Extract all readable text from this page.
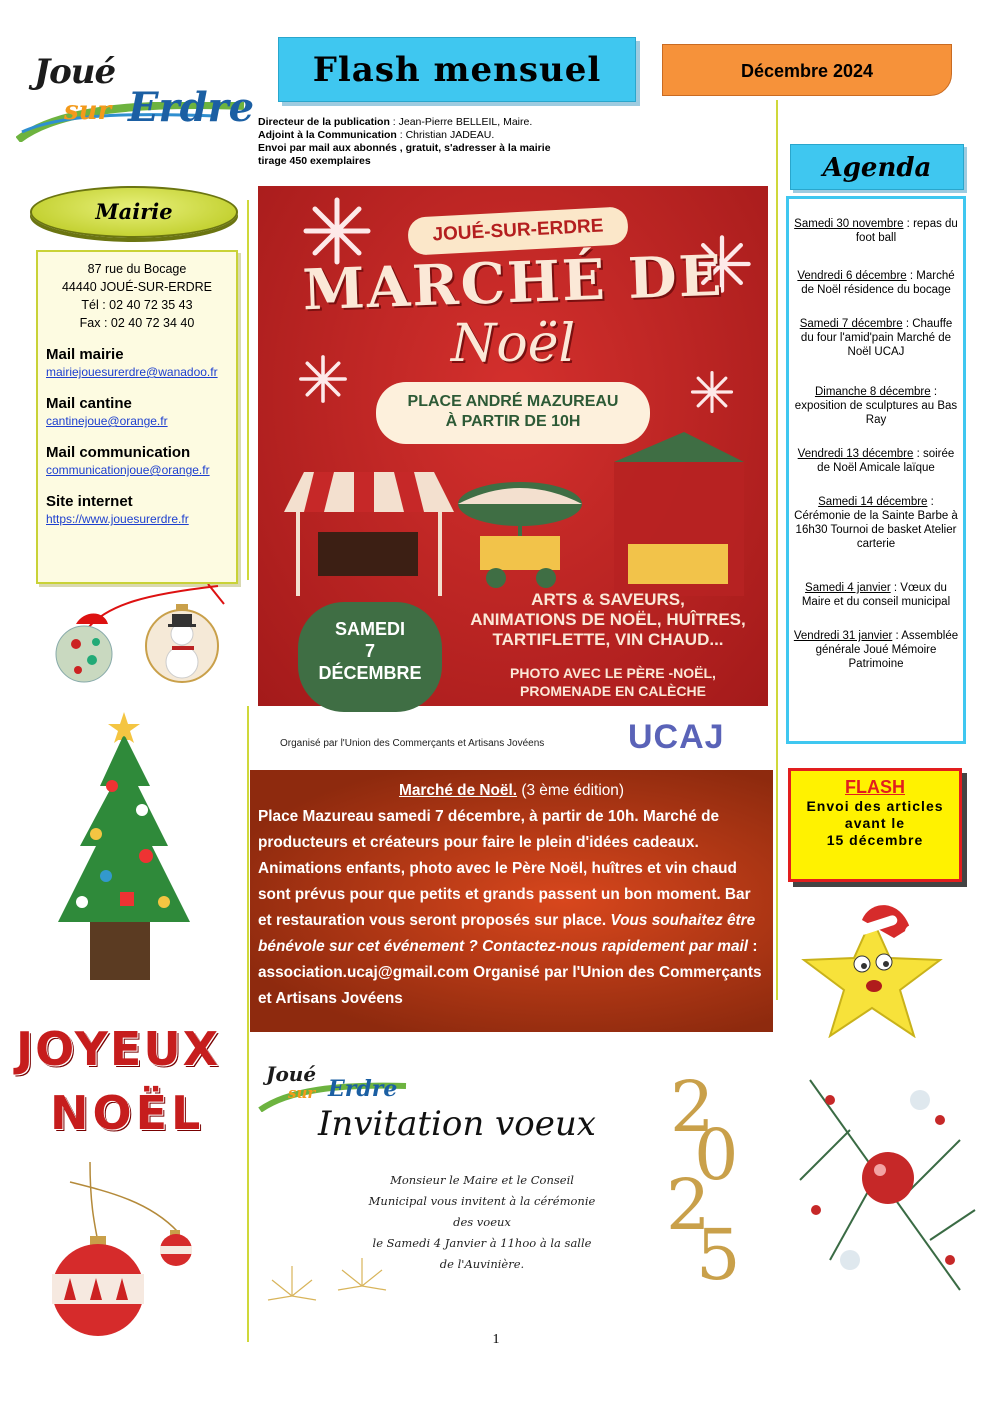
Joué
sur Erdre
Flash mensuel	Décembre 2024
Directeur de la publication : Jean-Pierre BELLEIL, Maire.
Adjoint à la Communication : Christian JADEAU.
Envoi par mail aux abonnés , gratuit, s'adresser à la mairie
tirage 450 exemplaires
Mairie
87 rue du Bocage
44440 JOUÉ-SUR-ERDRE
Tél : 02 40 72 35 43
Fax : 02 40 72 34 40
Mail mairie
mairiejouesurerdre@wanadoo.fr
Mail cantine
cantinejoue@orange.fr
Mail communication
communicationjoue@orange.fr
Site internet
https://www.jouesurerdre.fr
JOYEUX
NOËL
JOUÉ-SUR-ERDRE
MARCHÉ DE
Noël
PLACE ANDRÉ MAZUREAU
À PARTIR DE 10H
SAMEDI
7
DÉCEMBRE
ARTS & SAVEURS,
ANIMATIONS DE NOËL, HUÎTRES,
TARTIFLETTE, VIN CHAUD...
PHOTO AVEC LE PÈRE -NOËL,
PROMENADE EN CALÈCHE
Organisé par l'Union des Commerçants et Artisans Jovéens UCAJ
Marché de Noël. (3 ème édition)
Place Mazureau samedi 7 décembre, à partir de 10h. Marché de producteurs et créateurs pour faire le plein d'idées cadeaux. Animations enfants, photo avec le Père Noël, huîtres et vin chaud sont prévus pour que petits et grands passent un bon moment. Bar et restauration vous seront proposés sur place. Vous souhaitez être bénévole sur cet événement ? Contactez-nous rapidement par mail : association.ucaj@gmail.com Organisé par l'Union des Commerçants et Artisans Jovéens
Joué
sur Erdre
Invitation voeux
Monsieur le Maire et le Conseil
Municipal vous invitent à la cérémonie
des voeux
le Samedi 4 Janvier à 11hoo à la salle
de l'Auvinière.
2
0
2
5
Agenda
Samedi 30 novembre : repas du foot ball
Vendredi 6 décembre : Marché de Noël résidence du bocage
Samedi 7 décembre : Chauffe du four l'amid'pain Marché de Noël UCAJ
Dimanche 8 décembre : exposition de sculptures au Bas Ray
Vendredi 13 décembre : soirée de Noël Amicale laïque
Samedi 14 décembre : Cérémonie de la Sainte Barbe à 16h30 Tournoi de basket Atelier carterie
Samedi 4 janvier : Vœux du Maire et du conseil municipal
Vendredi 31 janvier : Assemblée générale Joué Mémoire Patrimoine
FLASH
Envoi des articles
avant le
15 décembre
1
